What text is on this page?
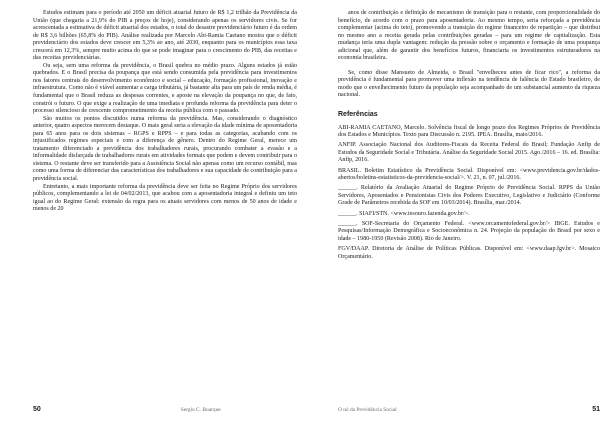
Estudos estimam para o período até 2050 um déficit atuarial futuro de R$ 1,2 trilhão da Previdência da União (que chegaria a 21,9% do PIB a preços de hoje), considerando apenas os servidores civis. Se for acrescentada a estimativa de déficit atuarial dos estados, o total do desastre previdenciário futuro é da ordem de R$ 3,6 bilhões (65,8% do PIB). Análise realizada por Marcelo Abi-Ramia Caetano mostra que o déficit previdenciário dos estados deve crescer em 5,3% ao ano, até 2030, enquanto para os municípios essa taxa crescerá em 12,3%, sempre muito acima do que se pode imaginar para o crescimento do PIB, das receitas e das receitas previdenciárias.

Ou seja, sem uma reforma da previdência, o Brasil quebra no médio prazo. Alguns estados já estão quebrados. E o Brasil precisa da poupança que está sendo consumida pela previdência para investimentos nos fatores centrais do desenvolvimento econômico e social – educação, formação profissional, inovação e infraestrutura. Como não é viável aumentar a carga tributária, já bastante alta para um país de renda média, é fundamental que o Brasil reduza as despesas correntes, e aposte na elevação da poupança no que, de fato, constrói o futuro. O que exige a realização de uma imediata e profunda reforma da previdência para deter o processo silencioso de crescente comprometimento da receita pública com o passado.

São muitos os pontos discutidos numa reforma da previdência. Mas, considerando o diagnóstico anterior, quatro aspectos merecem destaque. O mais geral seria a elevação da idade mínima de aposentadoria para 65 anos para os dois sistemas – RGPS e RPPS – e para todas as categorias, acabando com os injustificados regimes especiais e com a diferença de gênero. Dentro do Regime Geral, merece um tratamento diferenciado a previdência dos trabalhadores rurais, procurando combater a evasão e a informalidade disfarçada de trabalhadores rurais em atividades formais que podem e devem contribuir para o sistema. O restante deve ser transferido para a Assistência Social não apenas como um recurso contábil, mas como uma forma de diferenciar das características dos trabalhadores e sua capacidade de contribuição para a previdência social.

Entretanto, a mais importante reforma da previdência deve ser feita no Regime Próprio dos servidores públicos, complementando a lei de 04/02/2013, que acabou com a aposentadoria integral e definiu um teto igual ao do Regime Geral: extensão da regra para os atuais servidores com menos de 50 anos de idade e menos de 20

anos de contribuição e definição de mecanismo de transição para o restante, com proporcionalidade do benefício, de acordo com o prazo para aposentadoria. Ao mesmo tempo, seria reforçada a previdência complementar (acima do teto), promovendo a transição do regime financeiro de repartição – que distribui no mesmo ano a receita gerada pelas contribuições geradas – para um regime de capitalização. Esta mudança teria uma dupla vantagem: redução da pressão sobre o orçamento e formação de uma poupança adicional que, além de garantir dos benefícios futuros, financiaria os investimentos estruturadores na economia brasileira.

Se, como disse Mansueto de Almeida, o Brasil "envelheceu antes de ficar rico", a reforma da previdência é fundamental para promover uma inflexão na tendência de falência do Estado brasileiro, de modo que o envelhecimento futuro da população seja acompanhado de um substancial aumento da riqueza nacional.

Referências

ABI-RAMIA CAETANO, Marcelo. Solvência fiscal de longo prazo dos Regimes Próprios de Previdência dos Estados e Municípios. Texto para Discussão n. 2195. IPEA. Brasília, maio/2016.

ANFIP. Associação Nacional dos Auditores-Fiscais da Receita Federal do Brasil; Fundação Anfip de Estudos da Seguridade Social e Tributária. Análise da Seguridade Social 2015. Ago./2016 – 16. ed. Brasília: Anfip, 2016.

BRASIL. Boletim Estatístico da Previdência Social. Disponível em: <www.previdencia.gov.br/dados-abertos/boletins-estatisticos-da-previdencia-social/>. V. 21, n. 07, jul./2016.

______. Relatório da Avaliação Atuarial do Regime Próprio de Previdência Social. RPPS da União Servidores, Aposentados e Pensionistas Civis dos Poderes Executivo, Legislativo e Judiciário (Conforme Grade de Parâmetros recebida da SOF em 10/03/2014). Brasília, mar./2014.

______. SIAFI/STN. <www.tesouro.fazenda.gov.br/>.

______. SOF-Secretaria do Orçamento Federal. <www.orcamentofederal.gov.br/> IBGE. Estudos e Pesquisas/Informação Demográfica e Socioeconômica n. 24. Projeção da população do Brasil por sexo e idade – 1980-1950 (Revisão 2008). Rio de Janeiro.

FGV/DAAP. Diretoria de Análise de Políticas Públicas. Disponível em: <www.daap.fgv.br>. Mosaico Orçamentário.

50	Sergio C. Buarque	O nó da Previdência Social	51
